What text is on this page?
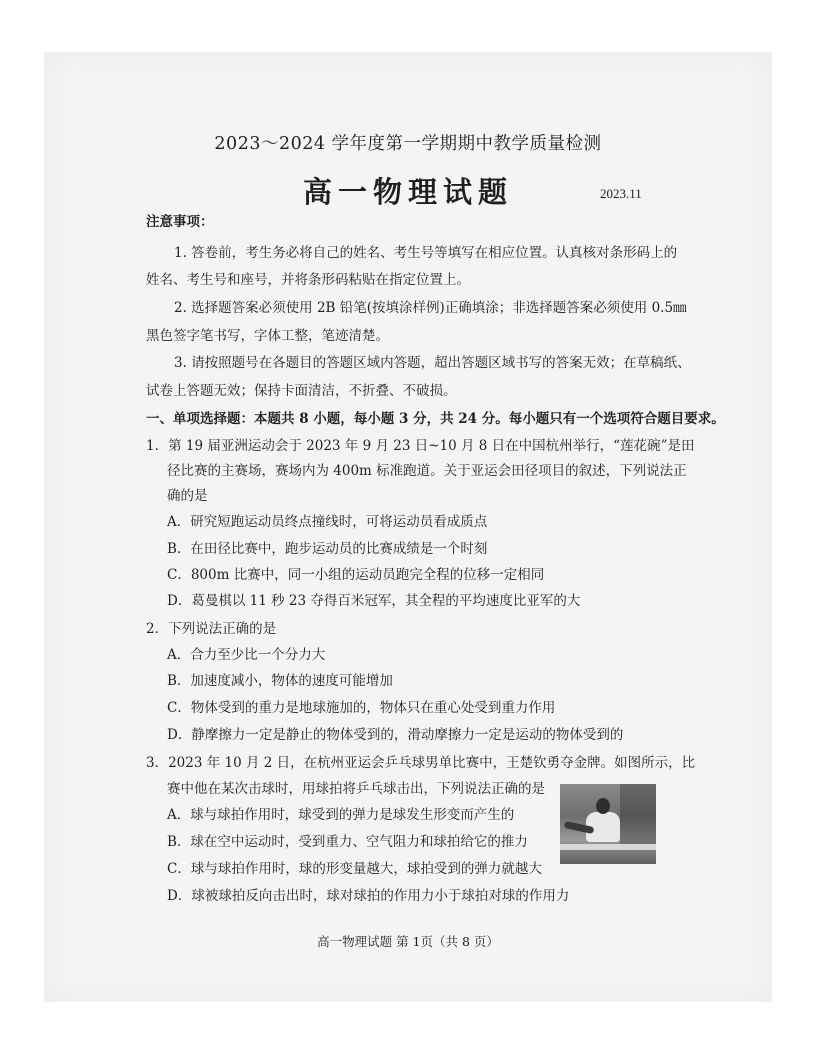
2023～2024 学年度第一学期期中教学质量检测
高一物理试题	2023.11
注意事项：
1. 答卷前，考生务必将自己的姓名、考生号等填写在相应位置。认真核对条形码上的
姓名、考生号和座号，并将条形码粘贴在指定位置上。
2. 选择题答案必须使用 2B 铅笔(按填涂样例)正确填涂；非选择题答案必须使用 0.5㎜
黑色签字笔书写，字体工整，笔迹清楚。
3. 请按照题号在各题目的答题区域内答题，超出答题区域书写的答案无效；在草稿纸、
试卷上答题无效；保持卡面清洁，不折叠、不破损。
一、单项选择题：本题共 8 小题，每小题 3 分，共 24 分。每小题只有一个选项符合题目要求。
1．第 19 届亚洲运动会于 2023 年 9 月 23 日~10 月 8 日在中国杭州举行，“莲花碗”是田
径比赛的主赛场，赛场内为 400m 标准跑道。关于亚运会田径项目的叙述，下列说法正
确的是
A．研究短跑运动员终点撞线时，可将运动员看成质点
B．在田径比赛中，跑步运动员的比赛成绩是一个时刻
C．800m 比赛中，同一小组的运动员跑完全程的位移一定相同
D．葛曼棋以 11 秒 23 夺得百米冠军，其全程的平均速度比亚军的大
2．下列说法正确的是
A．合力至少比一个分力大
B．加速度减小，物体的速度可能增加
C．物体受到的重力是地球施加的，物体只在重心处受到重力作用
D．静摩擦力一定是静止的物体受到的，滑动摩擦力一定是运动的物体受到的
3．2023 年 10 月 2 日，在杭州亚运会乒乓球男单比赛中，王楚钦勇夺金牌。如图所示，比
赛中他在某次击球时，用球拍将乒乓球击出，下列说法正确的是
A．球与球拍作用时，球受到的弹力是球发生形变而产生的
B．球在空中运动时，受到重力、空气阻力和球拍给它的推力
C．球与球拍作用时，球的形变量越大，球拍受到的弹力就越大
D．球被球拍反向击出时，球对球拍的作用力小于球拍对球的作用力
高一物理试题 第 1页（共 8 页）
